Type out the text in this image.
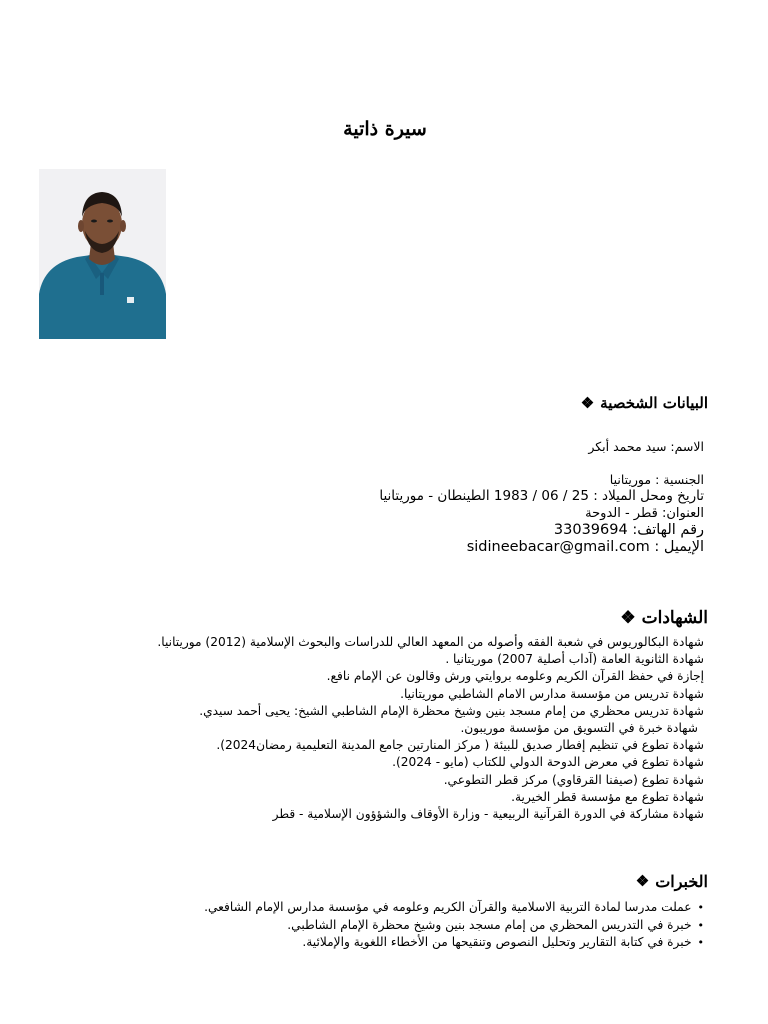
سيرة ذاتية
البيانات الشخصية
❖
الاسم: سيد محمد أبكر
الجنسية : موريتانيا
تاريخ ومحل الميلاد : 25 / 06 / 1983 الطينطان - موريتانيا
العنوان: قطر - الدوحة
رقم الهاتف: 33039694
الإيميل : sidineebacar@gmail.com
الشهادات
❖
شهادة البكالوريوس في شعبة الفقه وأصوله من المعهد العالي للدراسات والبحوث الإسلامية (2012) موريتانيا.
شهادة الثانوية العامة (آداب أصلية 2007) موريتانيا .
إجازة في حفظ القرآن الكريم وعلومه بروايتي ورش وقالون عن الإمام نافع.
شهادة تدريس من مؤسسة مدارس الامام الشاطبي موريتانيا.
شهادة تدريس محظري من إمام مسجد بنين وشيخ محظرة الإمام الشاطبي الشيخ: يحيى أحمد سيدي.
شهادة خبرة في التسويق من مؤسسة موريبون.
شهادة تطوع في تنظيم إفطار صديق للبيئة ( مركز المنارتين جامع المدينة التعليمية رمضان2024).
شهادة تطوع في معرض الدوحة الدولي للكتاب (مايو - 2024).
شهادة تطوع (صيفنا القرقاوي) مركز قطر التطوعي.
شهادة تطوع مع مؤسسة قطر الخيرية.
شهادة مشاركة في الدورة القرآنية الربيعية - وزارة الأوقاف والشؤؤون الإسلامية - قطر
الخبرات
❖
•
عملت مدرسا لمادة التربية الاسلامية والقرآن الكريم وعلومه في مؤسسة مدارس الإمام الشافعي.
•
خبرة في التدريس المحظري من إمام مسجد بنين وشيخ محظرة الإمام الشاطبي.
•
خبرة في كتابة التقارير وتحليل النصوص وتنقيحها من الأخطاء اللغوية والإملائية.
